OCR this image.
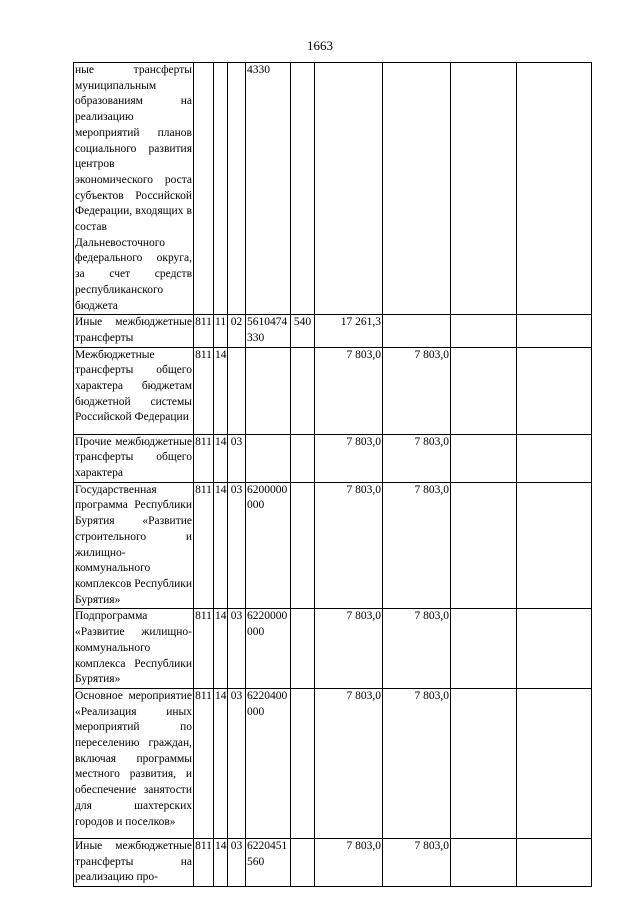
1663
ные трансферты муниципальным образованиям на реализацию мероприятий планов социального развития центров экономического роста субъектов Российской Федерации, входящих в состав Дальневосточного федерального округа, за счет средств республиканского бюджета				4330					
Иные межбюджетные трансферты	811	11	02	5610474330	540	17 261,3			
Межбюджетные трансферты общего характера бюджетам бюджетной системы Российской Федерации	811	14				7 803,0	7 803,0		
Прочие межбюджетные трансферты общего характера	811	14	03			7 803,0	7 803,0		
Государственная программа Республики Бурятия «Развитие строительного и жилищно-коммунального комплексов Республики Бурятия»	811	14	03	6200000000		7 803,0	7 803,0		
Подпрограмма «Развитие жилищно-коммунального комплекса Республики Бурятия»	811	14	03	6220000000		7 803,0	7 803,0		
Основное мероприятие «Реализация иных мероприятий по переселению граждан, включая программы местного развития, и обеспечение занятости для шахтерских городов и поселков»	811	14	03	6220400000		7 803,0	7 803,0		
Иные межбюджетные трансферты на реализацию про-	811	14	03	6220451560		7 803,0	7 803,0		
